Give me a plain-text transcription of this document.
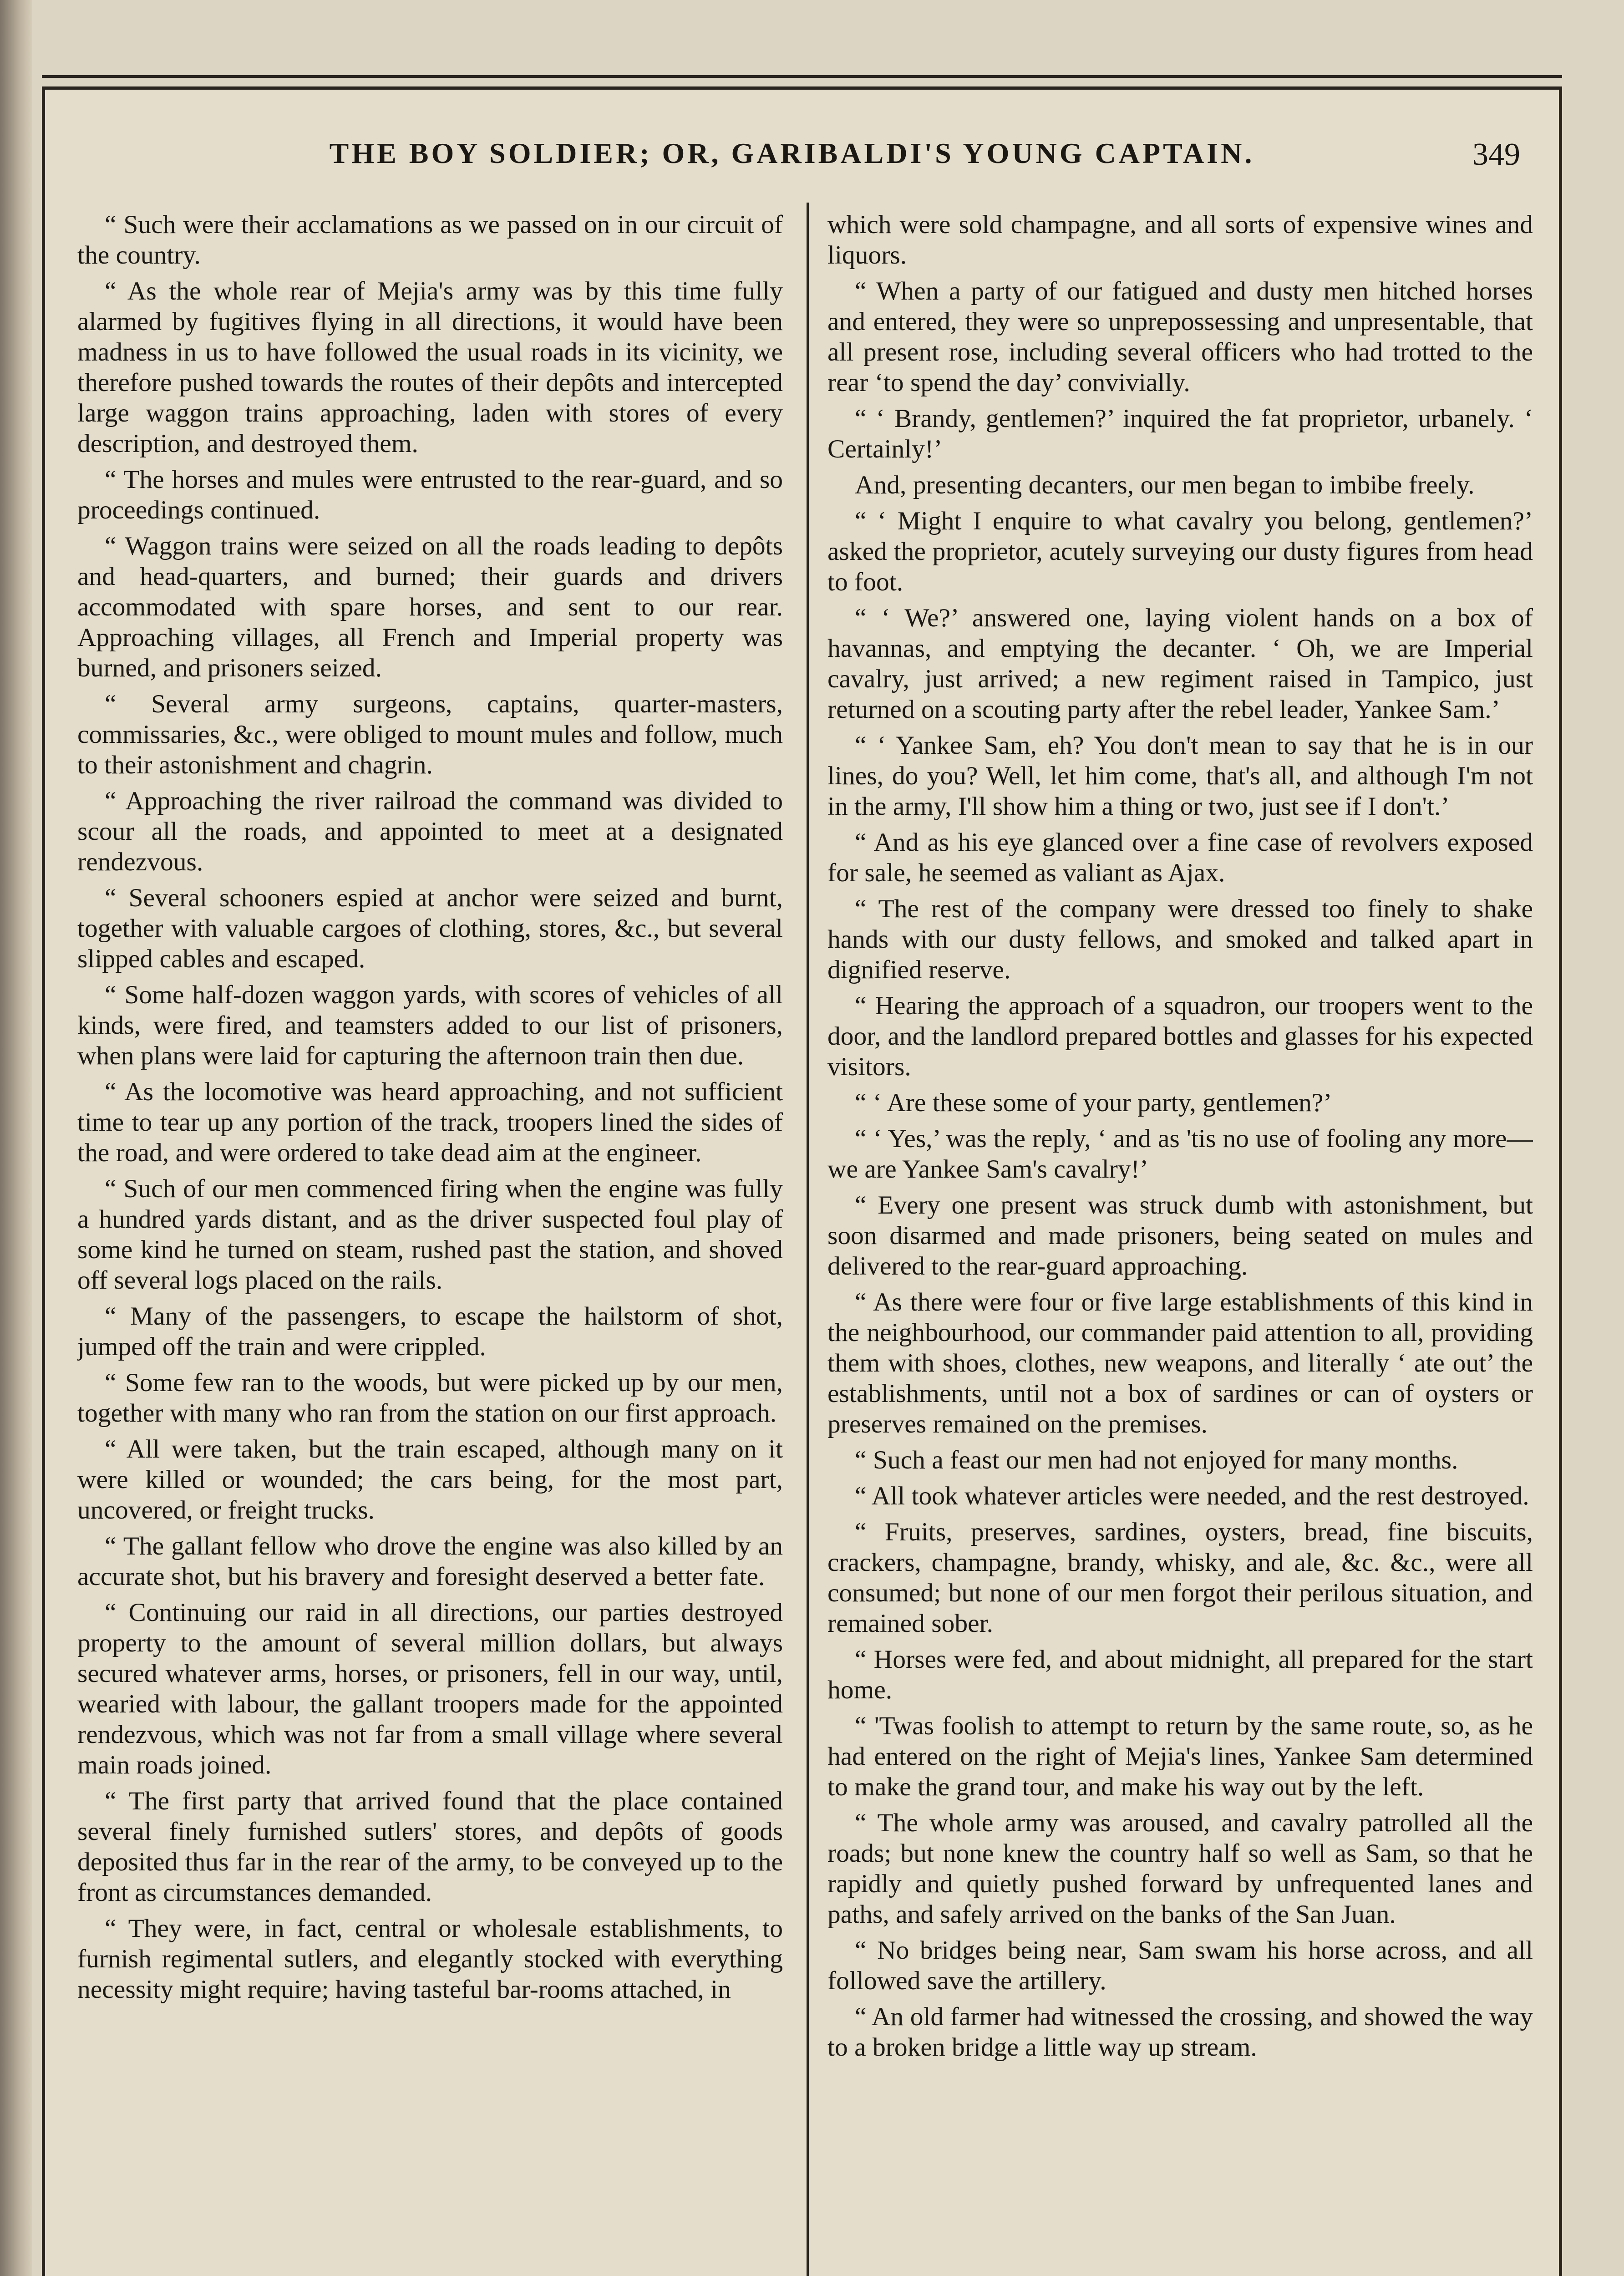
THE BOY SOLDIER; OR, GARIBALDI'S YOUNG CAPTAIN.	349

“ Such were their acclamations as we passed on in our circuit of the country.

“ As the whole rear of Mejia's army was by this time fully alarmed by fugitives flying in all directions, it would have been madness in us to have followed the usual roads in its vicinity, we therefore pushed towards the routes of their depôts and intercepted large waggon trains approaching, laden with stores of every description, and destroyed them.

“ The horses and mules were entrusted to the rear-guard, and so proceedings continued.

“ Waggon trains were seized on all the roads leading to depôts and head-quarters, and burned; their guards and drivers accommodated with spare horses, and sent to our rear. Approaching villages, all French and Imperial property was burned, and prisoners seized.

“ Several army surgeons, captains, quarter-masters, commissaries, &c., were obliged to mount mules and follow, much to their astonishment and chagrin.

“ Approaching the river railroad the command was divided to scour all the roads, and appointed to meet at a designated rendezvous.

“ Several schooners espied at anchor were seized and burnt, together with valuable cargoes of clothing, stores, &c., but several slipped cables and escaped.

“ Some half-dozen waggon yards, with scores of vehicles of all kinds, were fired, and teamsters added to our list of prisoners, when plans were laid for capturing the afternoon train then due.

“ As the locomotive was heard approaching, and not sufficient time to tear up any portion of the track, troopers lined the sides of the road, and were ordered to take dead aim at the engineer.

“ Such of our men commenced firing when the engine was fully a hundred yards distant, and as the driver suspected foul play of some kind he turned on steam, rushed past the station, and shoved off several logs placed on the rails.

“ Many of the passengers, to escape the hailstorm of shot, jumped off the train and were crippled.

“ Some few ran to the woods, but were picked up by our men, together with many who ran from the station on our first approach.

“ All were taken, but the train escaped, although many on it were killed or wounded; the cars being, for the most part, uncovered, or freight trucks.

“ The gallant fellow who drove the engine was also killed by an accurate shot, but his bravery and foresight deserved a better fate.

“ Continuing our raid in all directions, our parties destroyed property to the amount of several million dollars, but always secured whatever arms, horses, or prisoners, fell in our way, until, wearied with labour, the gallant troopers made for the appointed rendezvous, which was not far from a small village where several main roads joined.

“ The first party that arrived found that the place contained several finely furnished sutlers' stores, and depôts of goods deposited thus far in the rear of the army, to be conveyed up to the front as circumstances demanded.

“ They were, in fact, central or wholesale establishments, to furnish regimental sutlers, and elegantly stocked with everything necessity might require; having tasteful bar-rooms attached, in

which were sold champagne, and all sorts of expensive wines and liquors.

“ When a party of our fatigued and dusty men hitched horses and entered, they were so unprepossessing and unpresentable, that all present rose, including several officers who had trotted to the rear ‘to spend the day’ convivially.

“ ‘ Brandy, gentlemen?’ inquired the fat proprietor, urbanely. ‘ Certainly!’

And, presenting decanters, our men began to imbibe freely.

“ ‘ Might I enquire to what cavalry you belong, gentlemen?’ asked the proprietor, acutely surveying our dusty figures from head to foot.

“ ‘ We?’ answered one, laying violent hands on a box of havannas, and emptying the decanter. ‘ Oh, we are Imperial cavalry, just arrived; a new regiment raised in Tampico, just returned on a scouting party after the rebel leader, Yankee Sam.’

“ ‘ Yankee Sam, eh? You don't mean to say that he is in our lines, do you? Well, let him come, that's all, and although I'm not in the army, I'll show him a thing or two, just see if I don't.’

“ And as his eye glanced over a fine case of revolvers exposed for sale, he seemed as valiant as Ajax.

“ The rest of the company were dressed too finely to shake hands with our dusty fellows, and smoked and talked apart in dignified reserve.

“ Hearing the approach of a squadron, our troopers went to the door, and the landlord prepared bottles and glasses for his expected visitors.

“ ‘ Are these some of your party, gentlemen?’

“ ‘ Yes,’ was the reply, ‘ and as 'tis no use of fooling any more—we are Yankee Sam's cavalry!’

“ Every one present was struck dumb with astonishment, but soon disarmed and made prisoners, being seated on mules and delivered to the rear-guard approaching.

“ As there were four or five large establishments of this kind in the neighbourhood, our commander paid attention to all, providing them with shoes, clothes, new weapons, and literally ‘ ate out’ the establishments, until not a box of sardines or can of oysters or preserves remained on the premises.

“ Such a feast our men had not enjoyed for many months.

“ All took whatever articles were needed, and the rest destroyed.

“ Fruits, preserves, sardines, oysters, bread, fine biscuits, crackers, champagne, brandy, whisky, and ale, &c. &c., were all consumed; but none of our men forgot their perilous situation, and remained sober.

“ Horses were fed, and about midnight, all prepared for the start home.

“ 'Twas foolish to attempt to return by the same route, so, as he had entered on the right of Mejia's lines, Yankee Sam determined to make the grand tour, and make his way out by the left.

“ The whole army was aroused, and cavalry patrolled all the roads; but none knew the country half so well as Sam, so that he rapidly and quietly pushed forward by unfrequented lanes and paths, and safely arrived on the banks of the San Juan.

“ No bridges being near, Sam swam his horse across, and all followed save the artillery.

“ An old farmer had witnessed the crossing, and showed the way to a broken bridge a little way up stream.
